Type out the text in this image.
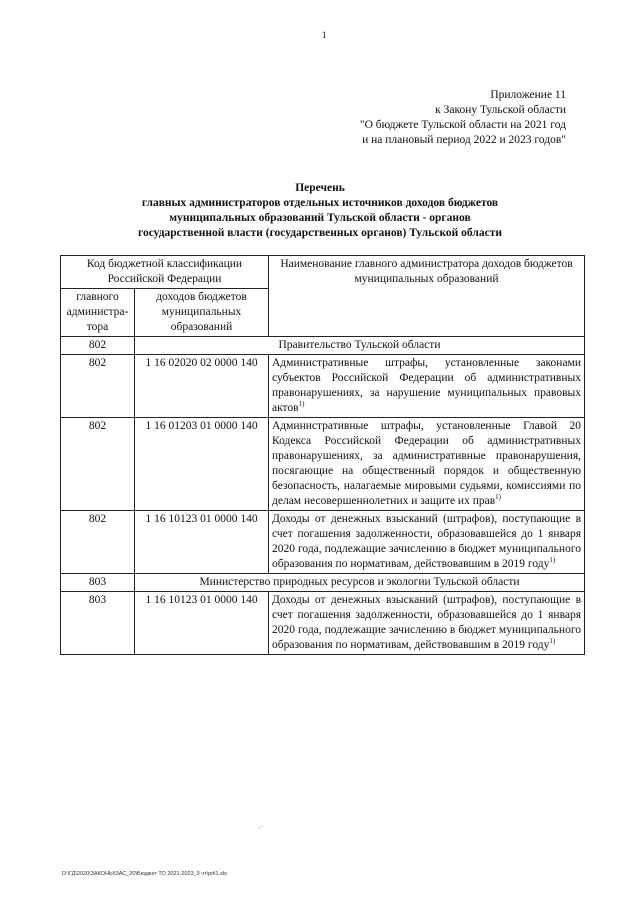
1
Приложение 11
к Закону Тульской области
"О бюджете Тульской области на 2021 год
и на плановый период 2022 и 2023 годов"
Перечень
главных администраторов отдельных источников доходов бюджетов
муниципальных образований Тульской области - органов
государственной власти (государственных органов) Тульской области
Код бюджетной классификации Российской Федерации		Наименование главного администратора доходов бюджетов муниципальных образований
главного администра-тора	доходов бюджетов муниципальных образований	
802	Правительство Тульской области	
802	1 16 02020 02 0000 140	Административные штрафы, установленные законами субъектов Российской Федерации об административных правонарушениях, за нарушение муниципальных правовых актов$^{1)}$
802	1 16 01203 01 0000 140	Административные штрафы, установленные Главой 20 Кодекса Российской Федерации об административных правонарушениях, за административные правонарушения, посягающие на общественный порядок и общественную безопасность, налагаемые мировыми судьями, комиссиями по делам несовершеннолетних и защите их прав$^{1)}$
802	1 16 10123 01 0000 140	Доходы от денежных взысканий (штрафов), поступающие в счет погашения задолженности, образовавшейся до 1 января 2020 года, подлежащие зачислению в бюджет муниципального образования по нормативам, действовавшим в 2019 году$^{1)}$
803	Министерство природных ресурсов и экологии Тульской области	
803	1 16 10123 01 0000 140	Доходы от денежных взысканий (штрафов), поступающие в счет погашения задолженности, образовавшейся до 1 января 2020 года, подлежащие зачислению в бюджет муниципального образования по нормативам, действовавшим в 2019 году$^{1)}$
·˙
D:\ГД\2020\ЗАКОНЫ\ЗАС_20\Бюджет ТО 2021-2023_3 чт\pril1.xls
